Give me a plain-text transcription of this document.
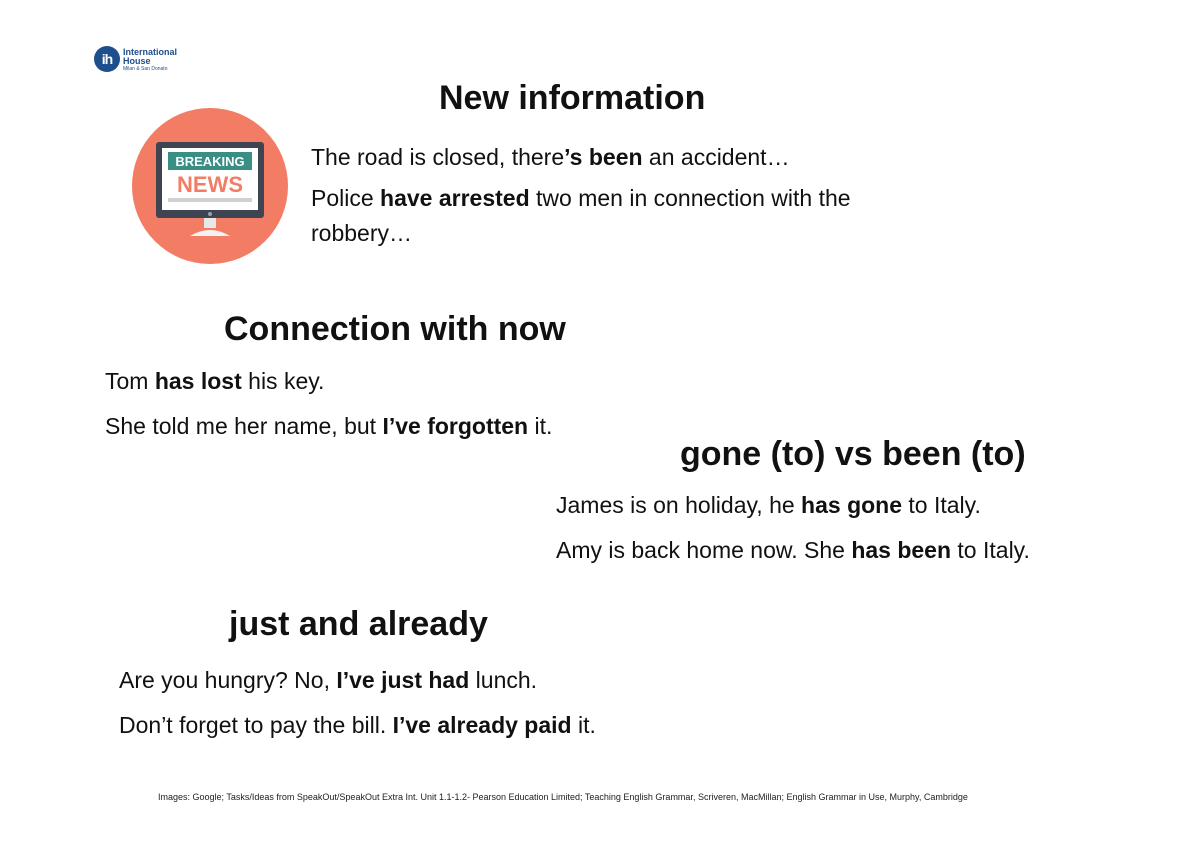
ih	International
House
Milan & San Donato
BREAKING
NEWS
New information
The road is closed, there’s been an accident…
Police have arrested two men in connection with the
robbery…
Connection with now
Tom has lost his key.
She told me her name, but I’ve forgotten it.
gone (to) vs been (to)
James is on holiday, he has gone to Italy.
Amy is back home now. She has been to Italy.
just and already
Are you hungry? No, I’ve just had lunch.
Don’t forget to pay the bill. I’ve already paid it.
Images: Google; Tasks/Ideas from SpeakOut/SpeakOut Extra Int. Unit 1.1-1.2- Pearson Education Limited; Teaching English Grammar, Scriveren, MacMillan; English Grammar in Use, Murphy, Cambridge
